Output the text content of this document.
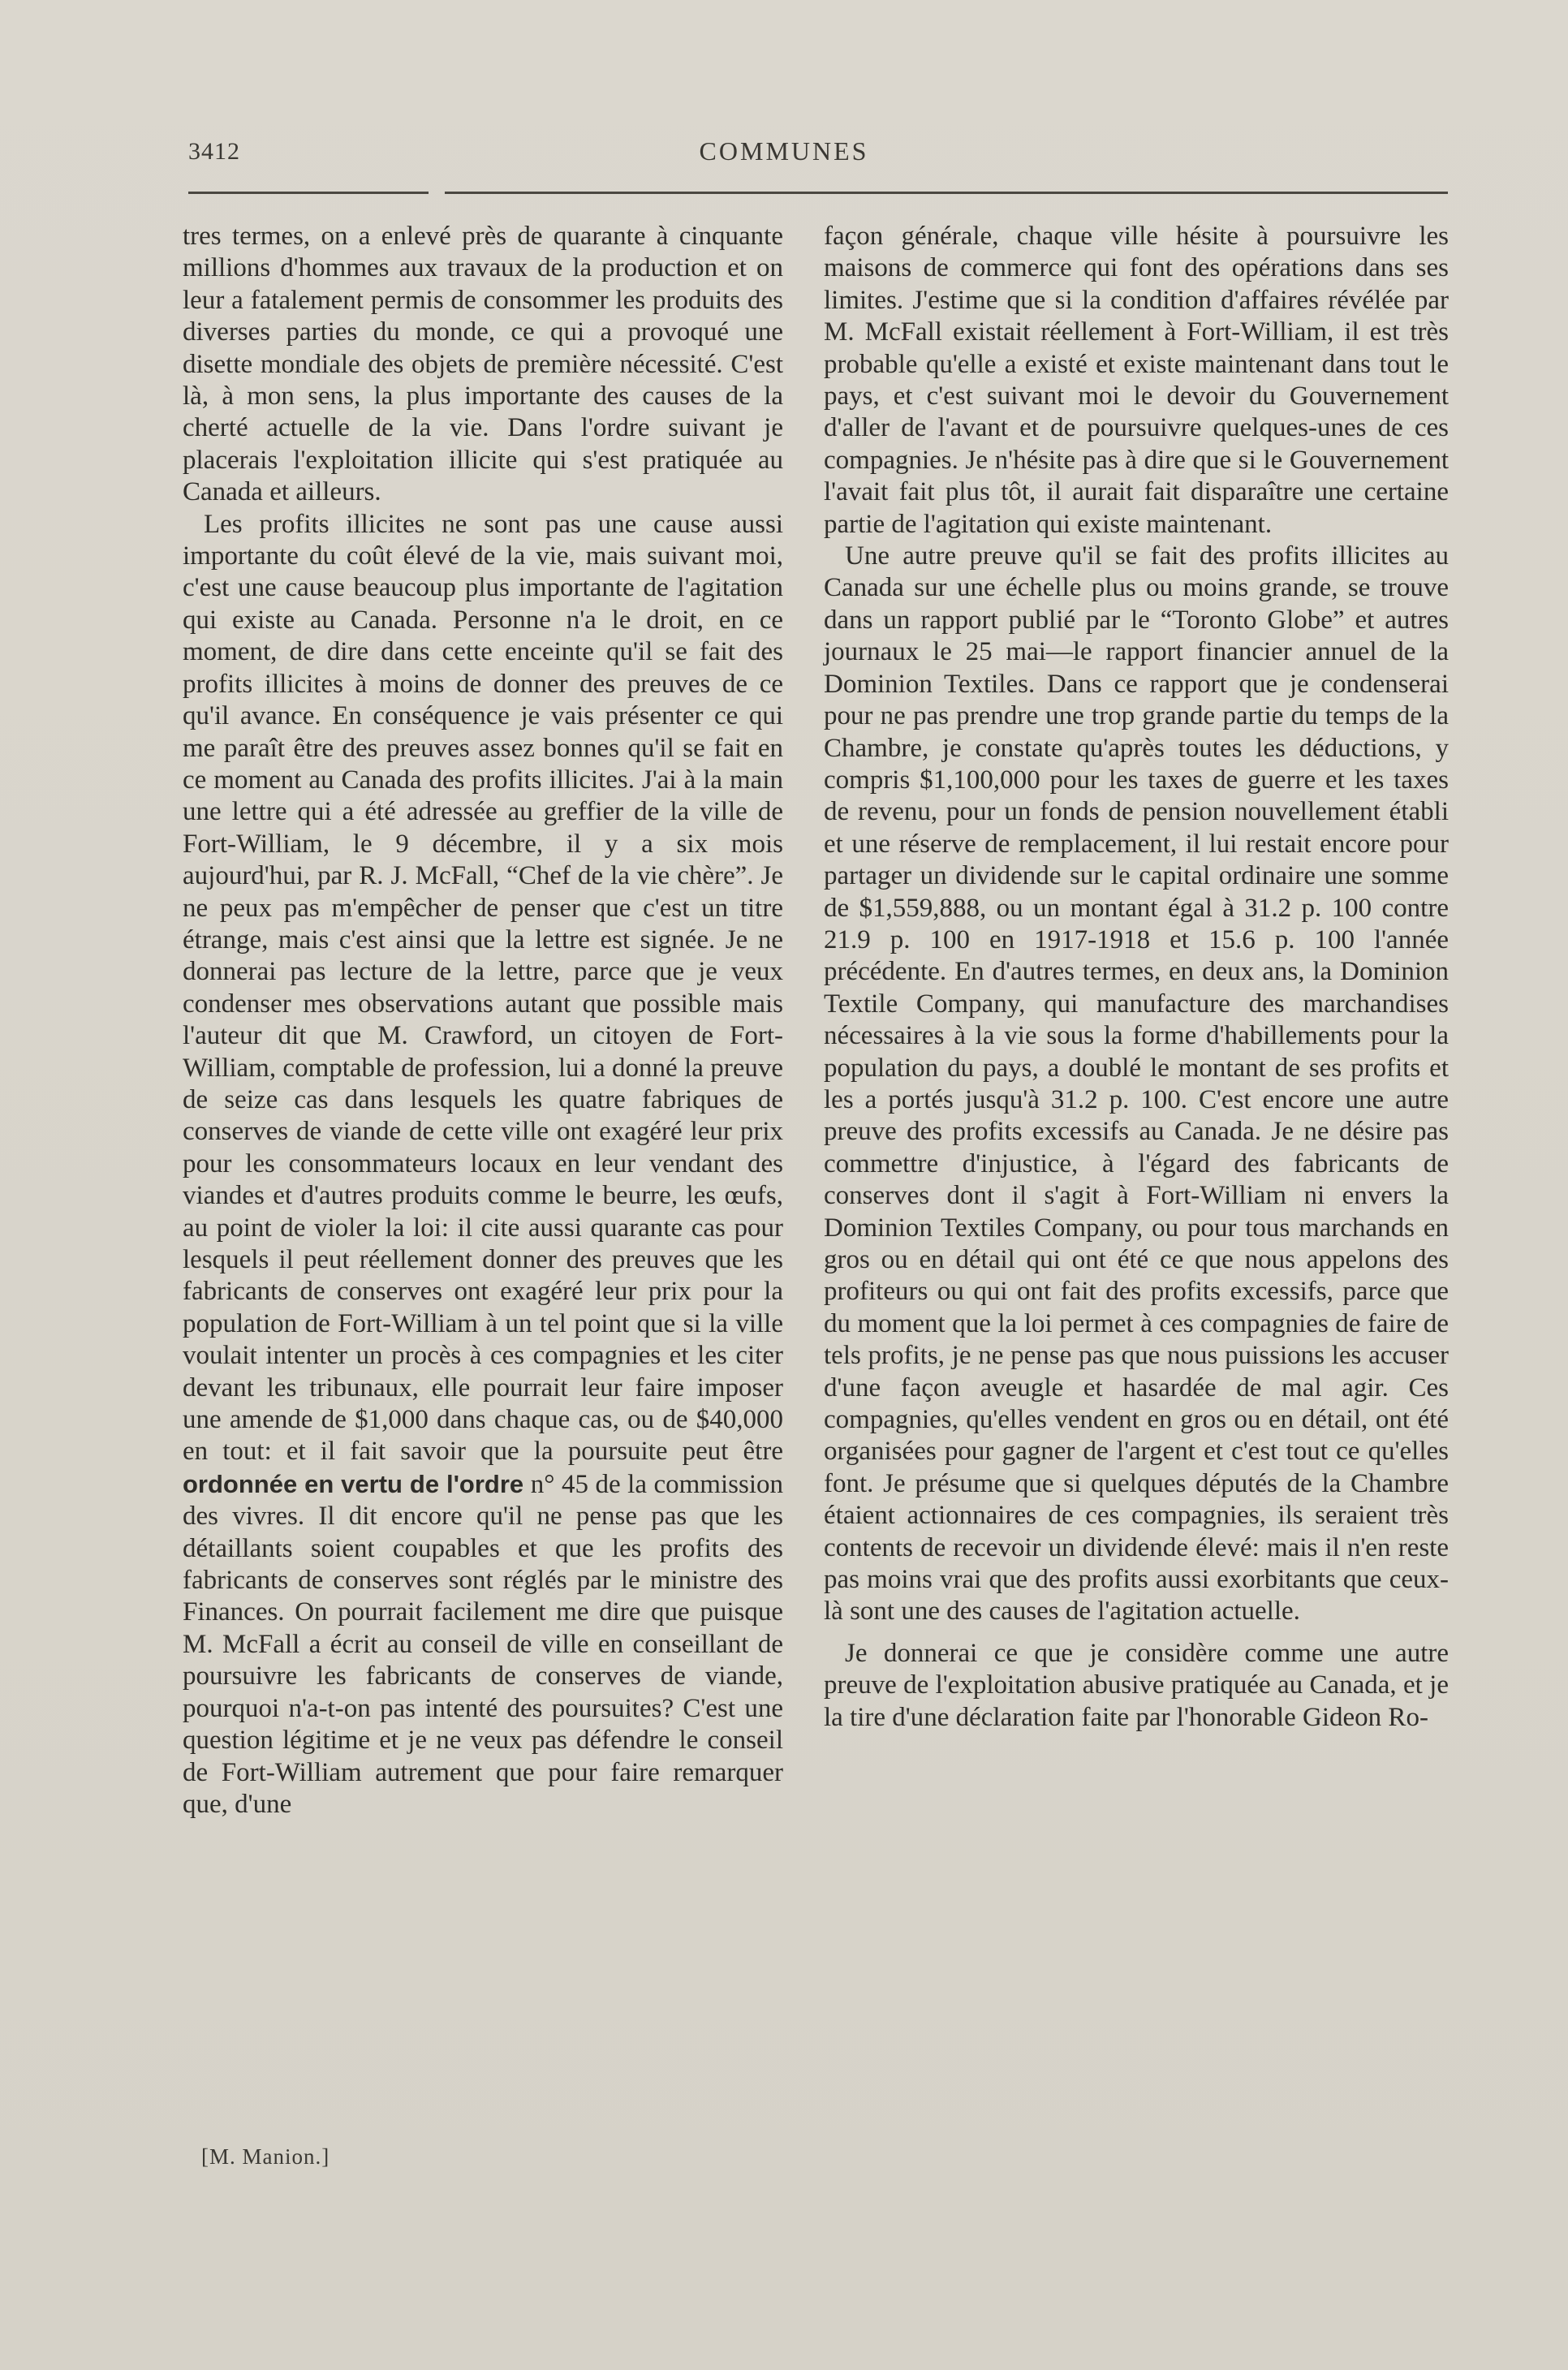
3412	COMMUNES

tres termes, on a enlevé près de quarante à cinquante millions d'hommes aux travaux de la production et on leur a fatalement permis de consommer les produits des diverses parties du monde, ce qui a provoqué une disette mondiale des objets de première nécessité. C'est là, à mon sens, la plus importante des causes de la cherté actuelle de la vie. Dans l'ordre suivant je placerais l'exploitation illicite qui s'est pratiquée au Canada et ailleurs.

Les profits illicites ne sont pas une cause aussi importante du coût élevé de la vie, mais suivant moi, c'est une cause beaucoup plus importante de l'agitation qui existe au Canada. Personne n'a le droit, en ce moment, de dire dans cette enceinte qu'il se fait des profits illicites à moins de donner des preuves de ce qu'il avance. En conséquence je vais présenter ce qui me paraît être des preuves assez bonnes qu'il se fait en ce moment au Canada des profits illicites. J'ai à la main une lettre qui a été adressée au greffier de la ville de Fort-William, le 9 décembre, il y a six mois aujourd'hui, par R. J. McFall, “Chef de la vie chère”. Je ne peux pas m'empêcher de penser que c'est un titre étrange, mais c'est ainsi que la lettre est signée. Je ne donnerai pas lecture de la lettre, parce que je veux condenser mes observations autant que possible mais l'auteur dit que M. Crawford, un citoyen de Fort-William, comptable de profession, lui a donné la preuve de seize cas dans lesquels les quatre fabriques de conserves de viande de cette ville ont exagéré leur prix pour les consommateurs locaux en leur vendant des viandes et d'autres produits comme le beurre, les œufs, au point de violer la loi: il cite aussi quarante cas pour lesquels il peut réellement donner des preuves que les fabricants de conserves ont exagéré leur prix pour la population de Fort-William à un tel point que si la ville voulait intenter un procès à ces compagnies et les citer devant les tribunaux, elle pourrait leur faire imposer une amende de $1,000 dans chaque cas, ou de $40,000 en tout: et il fait savoir que la poursuite peut être ordonnée en vertu de l'ordre n° 45 de la commission des vivres. Il dit encore qu'il ne pense pas que les détaillants soient coupables et que les profits des fabricants de conserves sont réglés par le ministre des Finances. On pourrait facilement me dire que puisque M. McFall a écrit au conseil de ville en conseillant de poursuivre les fabricants de conserves de viande, pourquoi n'a-t-on pas intenté des poursuites? C'est une question légitime et je ne veux pas défendre le conseil de Fort-William autrement que pour faire remarquer que, d'une

[M. Manion.]

façon générale, chaque ville hésite à poursuivre les maisons de commerce qui font des opérations dans ses limites. J'estime que si la condition d'affaires révélée par M. McFall existait réellement à Fort-William, il est très probable qu'elle a existé et existe maintenant dans tout le pays, et c'est suivant moi le devoir du Gouvernement d'aller de l'avant et de poursuivre quelques-unes de ces compagnies. Je n'hésite pas à dire que si le Gouvernement l'avait fait plus tôt, il aurait fait disparaître une certaine partie de l'agitation qui existe maintenant.

Une autre preuve qu'il se fait des profits illicites au Canada sur une échelle plus ou moins grande, se trouve dans un rapport publié par le “Toronto Globe” et autres journaux le 25 mai—le rapport financier annuel de la Dominion Textiles. Dans ce rapport que je condenserai pour ne pas prendre une trop grande partie du temps de la Chambre, je constate qu'après toutes les déductions, y compris $1,100,000 pour les taxes de guerre et les taxes de revenu, pour un fonds de pension nouvellement établi et une réserve de remplacement, il lui restait encore pour partager un dividende sur le capital ordinaire une somme de $1,559,888, ou un montant égal à 31.2 p. 100 contre 21.9 p. 100 en 1917-1918 et 15.6 p. 100 l'année précédente. En d'autres termes, en deux ans, la Dominion Textile Company, qui manufacture des marchandises nécessaires à la vie sous la forme d'habillements pour la population du pays, a doublé le montant de ses profits et les a portés jusqu'à 31.2 p. 100. C'est encore une autre preuve des profits excessifs au Canada. Je ne désire pas commettre d'injustice, à l'égard des fabricants de conserves dont il s'agit à Fort-William ni envers la Dominion Textiles Company, ou pour tous marchands en gros ou en détail qui ont été ce que nous appelons des profiteurs ou qui ont fait des profits excessifs, parce que du moment que la loi permet à ces compagnies de faire de tels profits, je ne pense pas que nous puissions les accuser d'une façon aveugle et hasardée de mal agir. Ces compagnies, qu'elles vendent en gros ou en détail, ont été organisées pour gagner de l'argent et c'est tout ce qu'elles font. Je présume que si quelques députés de la Chambre étaient actionnaires de ces compagnies, ils seraient très contents de recevoir un dividende élevé: mais il n'en reste pas moins vrai que des profits aussi exorbitants que ceux-là sont une des causes de l'agitation actuelle.

Je donnerai ce que je considère comme une autre preuve de l'exploitation abusive pratiquée au Canada, et je la tire d'une déclaration faite par l'honorable Gideon Ro-
